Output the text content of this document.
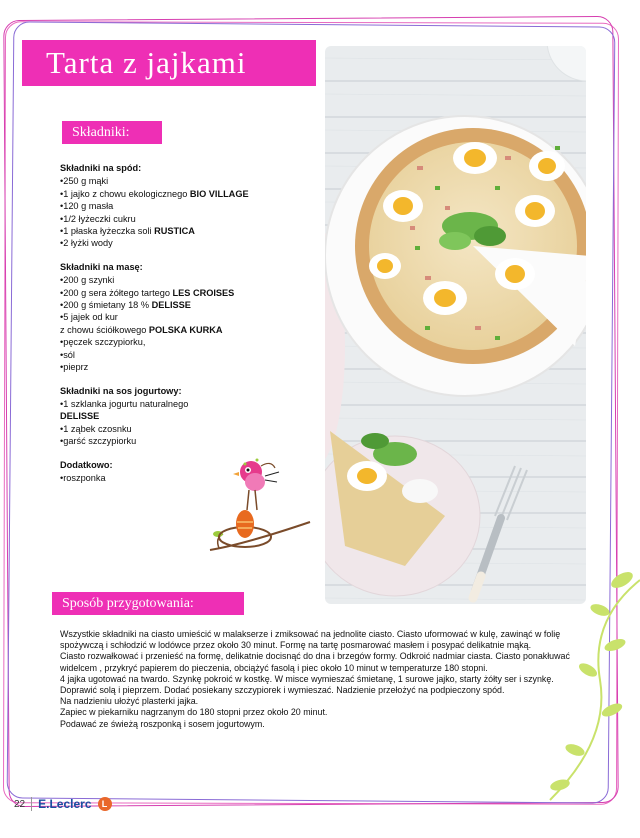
Tarta z jajkami
Składniki:
Składniki na spód:
•250 g mąki
•1 jajko z chowu ekologicznego BIO VILLAGE
•120 g masła
•1/2 łyżeczki cukru
•1 płaska łyżeczka soli RUSTICA
•2 łyżki wody
Składniki na masę:
•200 g szynki
•200 g sera żółtego tartego LES CROISES
•200 g śmietany 18 % DELISSE
•5 jajek od kur
z chowu ściółkowego POLSKA KURKA
•pęczek szczypiorku,
•sól
•pieprz
Składniki na sos jogurtowy:
•1 szklanka jogurtu naturalnego
DELISSE
•1 ząbek czosnku
•garść szczypiorku
Dodatkowo:
•roszponka
Sposób przygotowania:
Wszystkie składniki na ciasto umieścić w malakserze i zmiksować na jednolite ciasto. Ciasto uformować w kulę, zawinąć w folię
spożywczą i schłodzić w lodówce przez około 30 minut. Formę na tartę posmarować masłem i posypać delikatnie mąką.
Ciasto rozwałkować i przenieść na formę, delikatnie docisnąć do dna i brzegów formy. Odkroić nadmiar ciasta. Ciasto ponakłuwać
widelcem , przykryć papierem do pieczenia, obciążyć fasolą i piec około 10 minut w temperaturze 180 stopni.
4 jajka ugotować na twardo. Szynkę pokroić w kostkę. W misce wymieszać śmietanę, 1 surowe jajko, starty żółty ser i szynkę.
Doprawić solą i pieprzem. Dodać posiekany szczypiorek i wymieszać. Nadzienie przełożyć na podpieczony spód.
Na nadzieniu ułożyć plasterki jajka.
Zapiec w piekarniku nagrzanym do 180 stopni przez około 20 minut.
Podawać ze świeżą roszponką i sosem jogurtowym.
22 E.Leclerc	L
